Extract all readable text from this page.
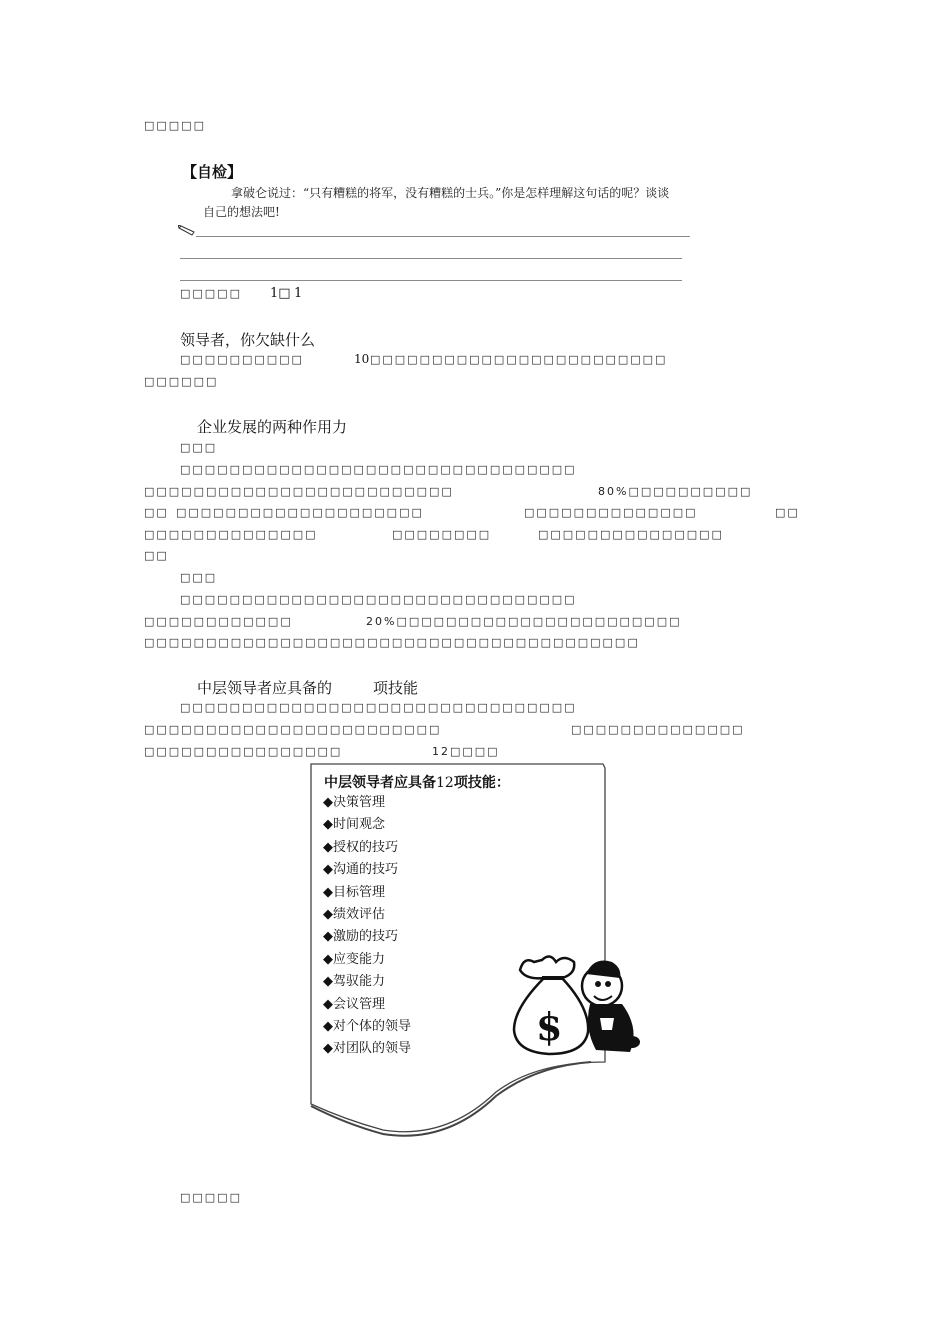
□□□□□
【自检】
拿破仑说过：“只有糟糕的将军，没有糟糕的士兵。”你是怎样理解这句话的呢？谈谈
自己的想法吧!
□□□□□ 1□ 1
领导者，你欠缺什么
□□□□□□□□□□	10 □□□□□□□□□□□□□□□□□□□□□□□□
□□□□□□
企业发展的两种作用力
□□□
□□□□□□□□□□□□□□□□□□□□□□□□□□□□□□□□
□□□□□□□□□□□□□□□□□□□□□□□□□	80%□□□□□□□□□□
□□ □□□□□□□□□□□□□□□□□□□□	□□□□□□□□□□□□□□	□□
□□□□□□□□□□□□□□	□□□□□□□□	□□□□□□□□□□□□□□□
□□
□□□
□□□□□□□□□□□□□□□□□□□□□□□□□□□□□□□□
□□□□□□□□□□□□	20%□□□□□□□□□□□□□□□□□□□□□□□
□□□□□□□□□□□□□□□□□□□□□□□□□□□□□□□□□□□□□□□□
中层领导者应具备的	项技能
□□□□□□□□□□□□□□□□□□□□□□□□□□□□□□□□
□□□□□□□□□□□□□□□□□□□□□□□□	□□□□□□□□□□□□□□
□□□□□□□□□□□□□□□□	12□□□□
中层领导者应具备12项技能：
◆决策管理
◆时间观念
◆授权的技巧
◆沟通的技巧
◆目标管理
◆绩效评估
◆激励的技巧
◆应变能力
◆驾驭能力
◆会议管理
◆对个体的领导
◆对团队的领导	$
□□□□□
